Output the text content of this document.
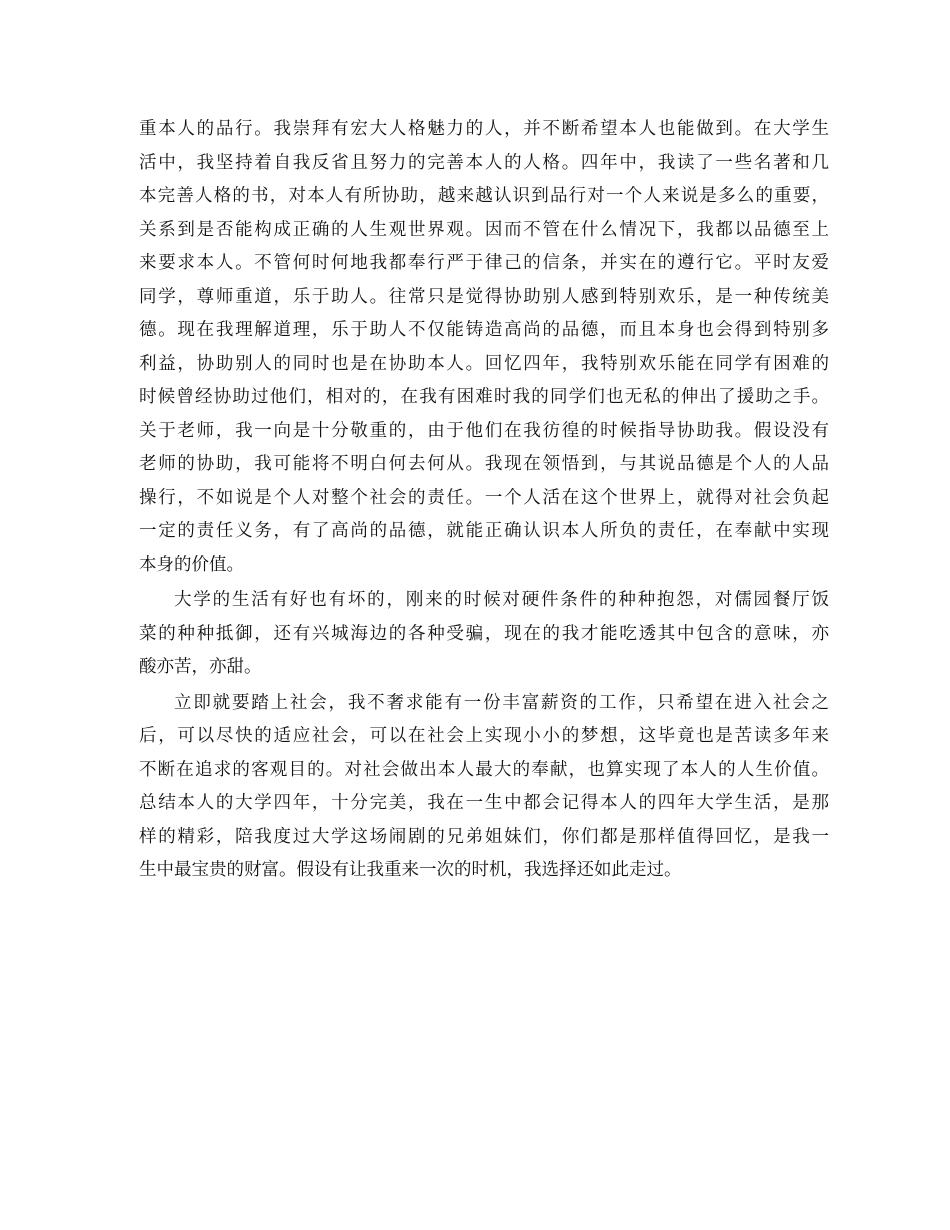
重本人的品行。我崇拜有宏大人格魅力的人，并不断希望本人也能做到。在大学生
活中，我坚持着自我反省且努力的完善本人的人格。四年中，我读了一些名著和几
本完善人格的书，对本人有所协助，越来越认识到品行对一个人来说是多么的重要，
关系到是否能构成正确的人生观世界观。因而不管在什么情况下，我都以品德至上
来要求本人。不管何时何地我都奉行严于律己的信条，并实在的遵行它。平时友爱
同学，尊师重道，乐于助人。往常只是觉得协助别人感到特别欢乐，是一种传统美
德。现在我理解道理，乐于助人不仅能铸造高尚的品德，而且本身也会得到特别多
利益，协助别人的同时也是在协助本人。回忆四年，我特别欢乐能在同学有困难的
时候曾经协助过他们，相对的，在我有困难时我的同学们也无私的伸出了援助之手。
关于老师，我一向是十分敬重的，由于他们在我彷徨的时候指导协助我。假设没有
老师的协助，我可能将不明白何去何从。我现在领悟到，与其说品德是个人的人品
操行，不如说是个人对整个社会的责任。一个人活在这个世界上，就得对社会负起
一定的责任义务，有了高尚的品德，就能正确认识本人所负的责任，在奉献中实现
本身的价值。
大学的生活有好也有坏的，刚来的时候对硬件条件的种种抱怨，对儒园餐厅饭
菜的种种抵御，还有兴城海边的各种受骗，现在的我才能吃透其中包含的意味，亦
酸亦苦，亦甜。
立即就要踏上社会，我不奢求能有一份丰富薪资的工作，只希望在进入社会之
后，可以尽快的适应社会，可以在社会上实现小小的梦想，这毕竟也是苦读多年来
不断在追求的客观目的。对社会做出本人最大的奉献，也算实现了本人的人生价值。
总结本人的大学四年，十分完美，我在一生中都会记得本人的四年大学生活，是那
样的精彩，陪我度过大学这场闹剧的兄弟姐妹们，你们都是那样值得回忆，是我一
生中最宝贵的财富。假设有让我重来一次的时机，我选择还如此走过。
